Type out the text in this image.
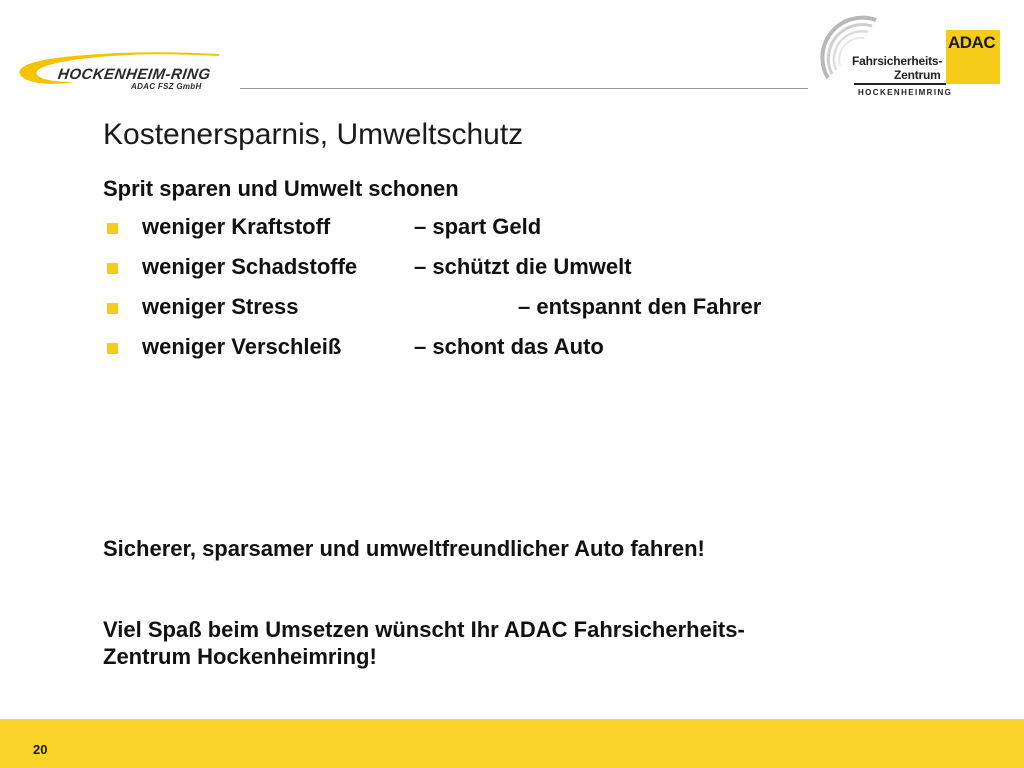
HOCKENHEIM-RING
ADAC FSZ GmbH
Fahrsicherheits-
Zentrum
HOCKENHEIMRING
ADAC
Kostenersparnis, Umweltschutz
Sprit sparen und Umwelt schonen
weniger Kraftstoff	– spart Geld
weniger Schadstoffe	– schützt die Umwelt
weniger Stress	– entspannt den Fahrer
weniger Verschleiß	– schont das Auto
Sicherer, sparsamer und umweltfreundlicher Auto fahren!
Viel Spaß beim Umsetzen wünscht Ihr ADAC Fahrsicherheits-
Zentrum Hockenheimring!
20
